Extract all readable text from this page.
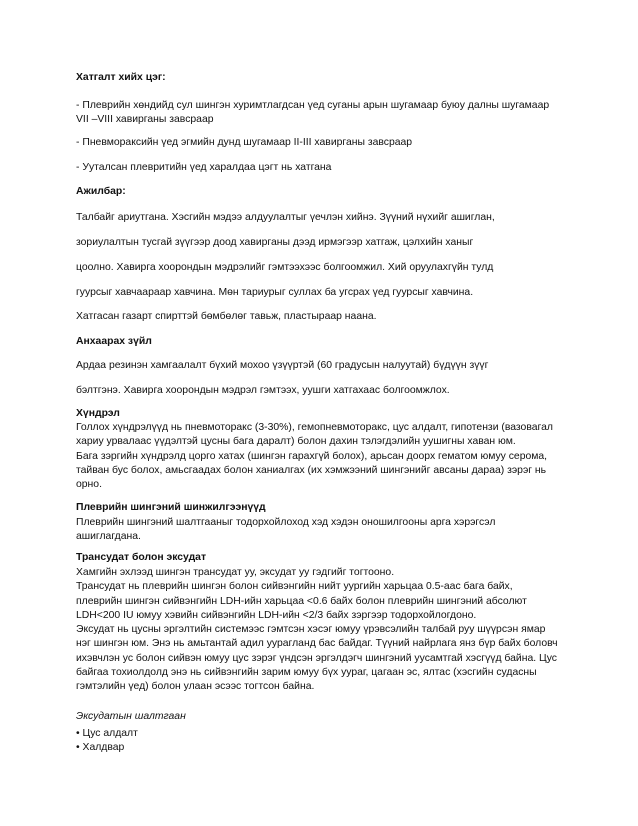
Хатгалт хийх цэг:
- Плеврийн хөндийд сул шингэн хуримтлагдсан үед суганы арын шугамаар буюу далны шугамаар
VII –VIII хавирганы завсраар
- Пневмораксийн үед эгмийн дунд шугамаар II-III хавирганы завсраар
- Ууталсан плевритийн үед харалдаа цэгт нь хатгана
Ажилбар:
Талбайг ариутгана. Хэсгийн мэдээ алдуулалтыг үечлэн хийнэ. Зүүний нүхийг ашиглан,
зориулалтын тусгай зүүгээр доод хавирганы дээд ирмэгээр хатгаж, цэлхийн ханыг
цоолно. Хавирга хоорондын мэдрэлийг гэмтээхээс болгоомжил. Хий оруулахгүйн тулд
гуурсыг хавчаараар хавчина. Мөн тариурыг суллах ба угсрах үед гуурсыг хавчина.
Хатгасан газарт спирттэй бөмбөлөг тавьж, пластыраар наана.
Анхаарах зүйл
Ардаа резинэн хамгаалалт бүхий мохоо үзүүртэй (60 градусын налуутай) бүдүүн зүүг
бэлтгэнэ. Хавирга хоорондын мэдрэл гэмтээх, уушги хатгахаас болгоомжлох.
Хүндрэл
Голлох хүндрэлүүд нь пневмоторакс (3-30%), гемопневмоторакс, цус алдалт, гипотензи (вазовагал
хариу урвалаас үүдэлтэй цусны бага даралт) болон дахин тэлэгдэлийн уушигны хаван юм.
Бага зэргийн хүндрэлд цорго хатах (шингэн гарахгүй болох), арьсан доорх гематом юмуу серома,
тайван бус болох, амьсгаадах болон ханиалгах (их хэмжээний шингэнийг авсаны дараа) зэрэг нь
орно.
Плеврийн шингэний шинжилгээнүүд
Плеврийн шингэний шалтгааныг тодорхойлоход хэд хэдэн оношилгооны арга хэрэгсэл
ашиглагдана.
Трансудат болон эксудат
Хамгийн эхлээд шингэн трансудат уу, эксудат уу гэдгийг тогтооно.
Трансудат нь плеврийн шингэн болон сийвэнгийн нийт уургийн харьцаа 0.5-аас бага байх,
плеврийн шингэн сийвэнгийн LDH-ийн харьцаа <0.6 байх болон плеврийн шингэний абсолют
LDH<200 IU юмуу хэвийн сийвэнгийн LDH-ийн <2/3 байх зэргээр тодорхойлогдоно.
Эксудат нь цусны эргэлтийн системээс гэмтсэн хэсэг юмуу үрэвсэлийн талбай руу шүүрсэн ямар
нэг шингэн юм. Энэ нь амьтантай адил уурагланд бас байдаг. Түүний найрлага янз бүр байх боловч
ихэвчлэн ус болон сийвэн юмуу цус зэрэг үндсэн эргэлдэгч шингэний уусамтгай хэсгүүд байна. Цус
байгаа тохиолдолд энэ нь сийвэнгийн зарим юмуу бүх уураг, цагаан эс, ялтас (хэсгийн судасны
гэмтэлийн үед) болон улаан эсээс тогтсон байна.
Эксудатын шалтгаан
• Цус алдалт
• Халдвар
